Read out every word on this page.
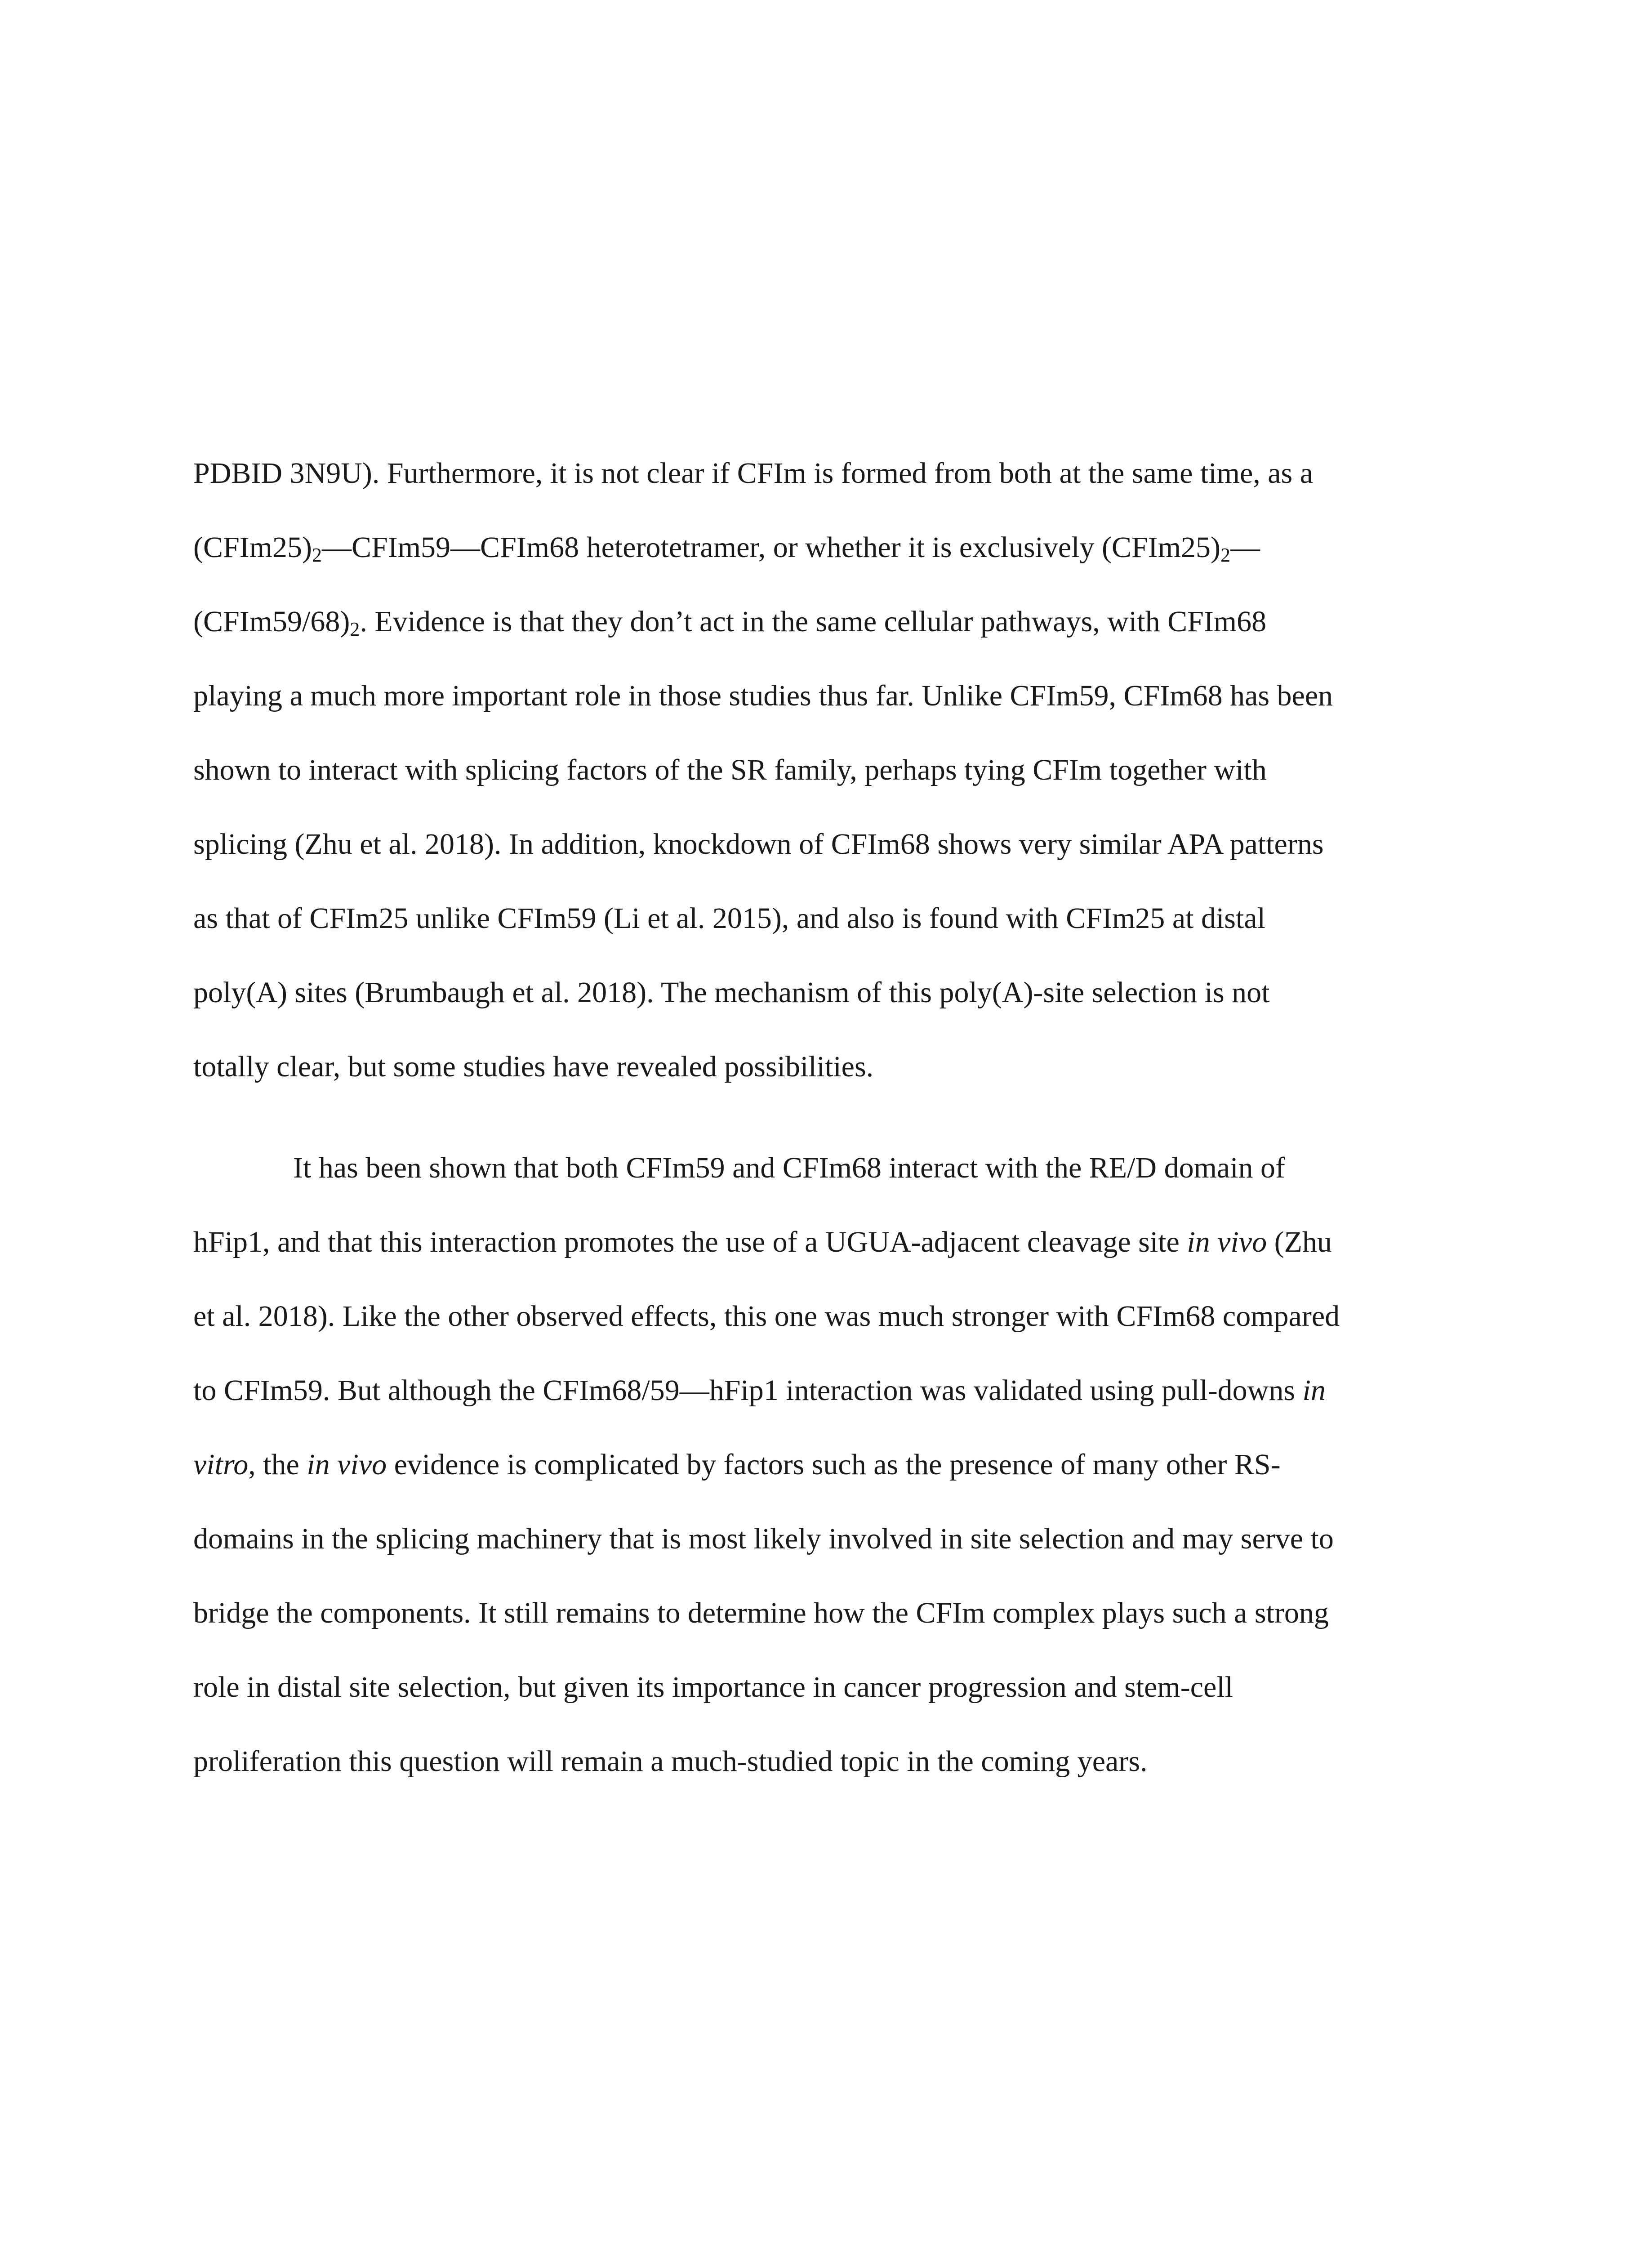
PDBID 3N9U). Furthermore, it is not clear if CFIm is formed from both at the same time, as a
$(CFIm25)_2—CFIm59—CFIm68$ heterotetramer, or whether it is exclusively $(CFIm25)_2—$
$(CFIm59/68)_2$. Evidence is that they don’t act in the same cellular pathways, with CFIm68
playing a much more important role in those studies thus far. Unlike CFIm59, CFIm68 has been
shown to interact with splicing factors of the SR family, perhaps tying CFIm together with
splicing (Zhu et al. 2018). In addition, knockdown of CFIm68 shows very similar APA patterns
as that of CFIm25 unlike CFIm59 (Li et al. 2015), and also is found with CFIm25 at distal
poly(A) sites (Brumbaugh et al. 2018). The mechanism of this poly(A)-site selection is not
totally clear, but some studies have revealed possibilities.
It has been shown that both CFIm59 and CFIm68 interact with the RE/D domain of
hFip1, and that this interaction promotes the use of a UGUA-adjacent cleavage site in vivo (Zhu
et al. 2018). Like the other observed effects, this one was much stronger with CFIm68 compared
to CFIm59. But although the CFIm68/59—hFip1 interaction was validated using pull-downs in
vitro, the in vivo evidence is complicated by factors such as the presence of many other RS-
domains in the splicing machinery that is most likely involved in site selection and may serve to
bridge the components. It still remains to determine how the CFIm complex plays such a strong
role in distal site selection, but given its importance in cancer progression and stem-cell
proliferation this question will remain a much-studied topic in the coming years.
